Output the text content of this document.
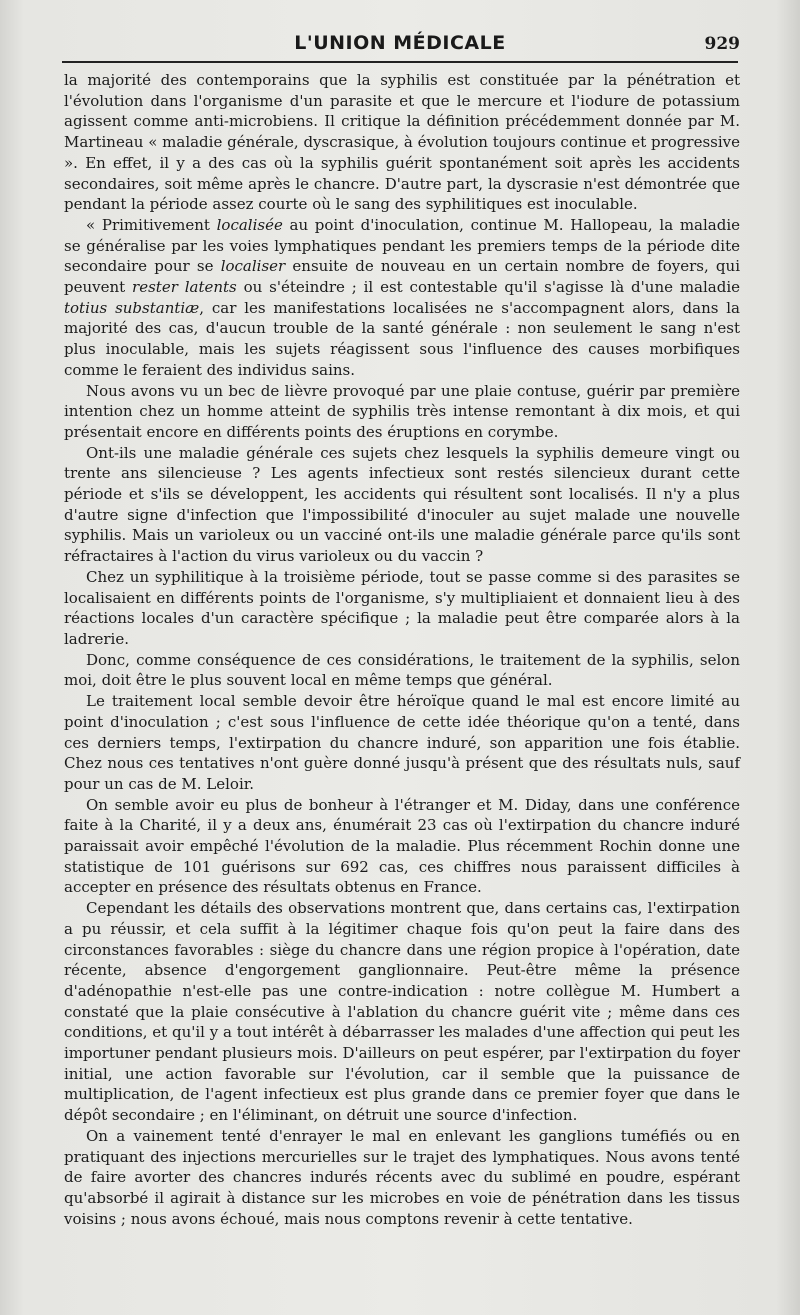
L'UNION MÉDICALE	929

la majorité des contemporains que la syphilis est constituée par la pénétration et l'évolution dans l'organisme d'un parasite et que le mercure et l'iodure de potassium agissent comme anti-microbiens. Il critique la définition précédemment donnée par M. Martineau « maladie générale, dyscrasique, à évolution toujours continue et progressive ». En effet, il y a des cas où la syphilis guérit spontanément soit après les accidents secondaires, soit même après le chancre. D'autre part, la dyscrasie n'est démontrée que pendant la période assez courte où le sang des syphilitiques est inoculable.

« Primitivement localisée au point d'inoculation, continue M. Hallopeau, la maladie se généralise par les voies lymphatiques pendant les premiers temps de la période dite secondaire pour se localiser ensuite de nouveau en un certain nombre de foyers, qui peuvent rester latents ou s'éteindre ; il est contestable qu'il s'agisse là d'une maladie totius substantiæ, car les manifestations localisées ne s'accompagnent alors, dans la majorité des cas, d'aucun trouble de la santé générale : non seulement le sang n'est plus inoculable, mais les sujets réagissent sous l'influence des causes morbifiques comme le feraient des individus sains.

Nous avons vu un bec de lièvre provoqué par une plaie contuse, guérir par première intention chez un homme atteint de syphilis très intense remontant à dix mois, et qui présentait encore en différents points des éruptions en corymbe.

Ont-ils une maladie générale ces sujets chez lesquels la syphilis demeure vingt ou trente ans silencieuse ? Les agents infectieux sont restés silencieux durant cette période et s'ils se développent, les accidents qui résultent sont localisés. Il n'y a plus d'autre signe d'infection que l'impossibilité d'inoculer au sujet malade une nouvelle syphilis. Mais un varioleux ou un vacciné ont-ils une maladie générale parce qu'ils sont réfractaires à l'action du virus varioleux ou du vaccin ?

Chez un syphilitique à la troisième période, tout se passe comme si des parasites se localisaient en différents points de l'organisme, s'y multipliaient et donnaient lieu à des réactions locales d'un caractère spécifique ; la maladie peut être comparée alors à la ladrerie.

Donc, comme conséquence de ces considérations, le traitement de la syphilis, selon moi, doit être le plus souvent local en même temps que général.

Le traitement local semble devoir être héroïque quand le mal est encore limité au point d'inoculation ; c'est sous l'influence de cette idée théorique qu'on a tenté, dans ces derniers temps, l'extirpation du chancre induré, son apparition une fois établie. Chez nous ces tentatives n'ont guère donné jusqu'à présent que des résultats nuls, sauf pour un cas de M. Leloir.

On semble avoir eu plus de bonheur à l'étranger et M. Diday, dans une conférence faite à la Charité, il y a deux ans, énumérait 23 cas où l'extirpation du chancre induré paraissait avoir empêché l'évolution de la maladie. Plus récemment Rochin donne une statistique de 101 guérisons sur 692 cas, ces chiffres nous paraissent difficiles à accepter en présence des résultats obtenus en France.

Cependant les détails des observations montrent que, dans certains cas, l'extirpation a pu réussir, et cela suffit à la légitimer chaque fois qu'on peut la faire dans des circonstances favorables : siège du chancre dans une région propice à l'opération, date récente, absence d'engorgement ganglionnaire. Peut-être même la présence d'adénopathie n'est-elle pas une contre-indication : notre collègue M. Humbert a constaté que la plaie consécutive à l'ablation du chancre guérit vite ; même dans ces conditions, et qu'il y a tout intérêt à débarrasser les malades d'une affection qui peut les importuner pendant plusieurs mois. D'ailleurs on peut espérer, par l'extirpation du foyer initial, une action favorable sur l'évolution, car il semble que la puissance de multiplication, de l'agent infectieux est plus grande dans ce premier foyer que dans le dépôt secondaire ; en l'éliminant, on détruit une source d'infection.

On a vainement tenté d'enrayer le mal en enlevant les ganglions tuméfiés ou en pratiquant des injections mercurielles sur le trajet des lymphatiques. Nous avons tenté de faire avorter des chancres indurés récents avec du sublimé en poudre, espérant qu'absorbé il agirait à distance sur les microbes en voie de pénétration dans les tissus voisins ; nous avons échoué, mais nous comptons revenir à cette tentative.
